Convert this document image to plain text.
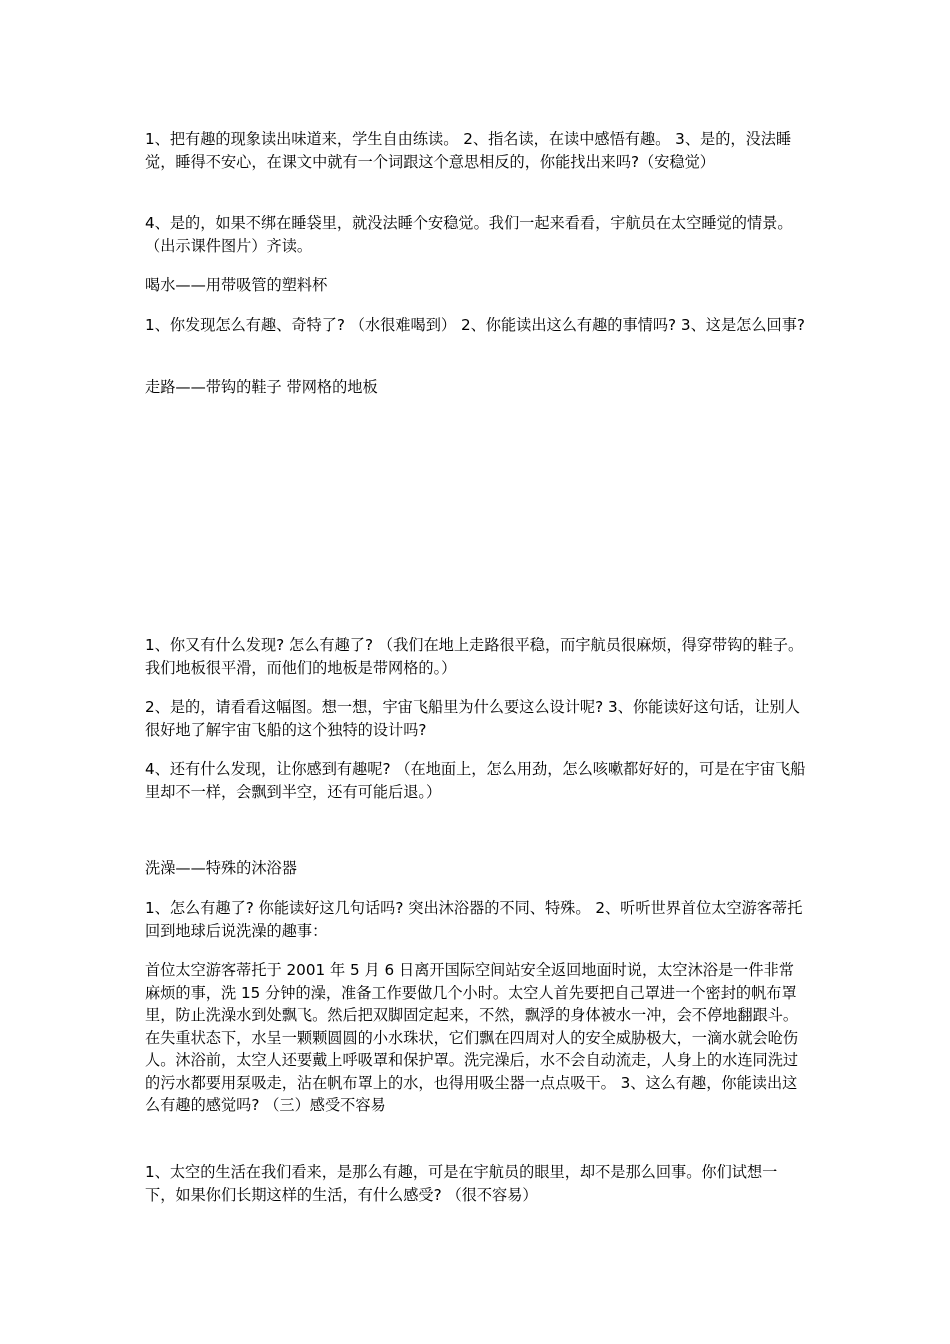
1、把有趣的现象读出味道来，学生自由练读。 2、指名读，在读中感悟有趣。 3、是的，没法睡觉，睡得不安心，在课文中就有一个词跟这个意思相反的，你能找出来吗?（安稳觉）

4、是的，如果不绑在睡袋里，就没法睡个安稳觉。我们一起来看看，宇航员在太空睡觉的情景。（出示课件图片）齐读。

喝水——用带吸管的塑料杯

1、你发现怎么有趣、奇特了? （水很难喝到） 2、你能读出这么有趣的事情吗? 3、这是怎么回事?

走路——带钩的鞋子 带网格的地板

1、你又有什么发现? 怎么有趣了? （我们在地上走路很平稳，而宇航员很麻烦，得穿带钩的鞋子。我们地板很平滑，而他们的地板是带网格的。）

2、是的，请看看这幅图。想一想，宇宙飞船里为什么要这么设计呢? 3、你能读好这句话，让别人很好地了解宇宙飞船的这个独特的设计吗?

4、还有什么发现，让你感到有趣呢? （在地面上，怎么用劲，怎么咳嗽都好好的，可是在宇宙飞船里却不一样，会飘到半空，还有可能后退。）

洗澡——特殊的沐浴器

1、怎么有趣了? 你能读好这几句话吗? 突出沐浴器的不同、特殊。 2、听听世界首位太空游客蒂托回到地球后说洗澡的趣事：

首位太空游客蒂托于 2001 年 5 月 6 日离开国际空间站安全返回地面时说，太空沐浴是一件非常麻烦的事，洗 15 分钟的澡，准备工作要做几个小时。太空人首先要把自己罩进一个密封的帆布罩里，防止洗澡水到处飘飞。然后把双脚固定起来，不然，飘浮的身体被水一冲，会不停地翻跟斗。在失重状态下，水呈一颗颗圆圆的小水珠状，它们飘在四周对人的安全威胁极大，一滴水就会呛伤人。沐浴前，太空人还要戴上呼吸罩和保护罩。洗完澡后，水不会自动流走，人身上的水连同洗过的污水都要用泵吸走，沾在帆布罩上的水，也得用吸尘器一点点吸干。 3、这么有趣，你能读出这么有趣的感觉吗? （三）感受不容易

1、太空的生活在我们看来，是那么有趣，可是在宇航员的眼里，却不是那么回事。你们试想一下，如果你们长期这样的生活，有什么感受? （很不容易）
